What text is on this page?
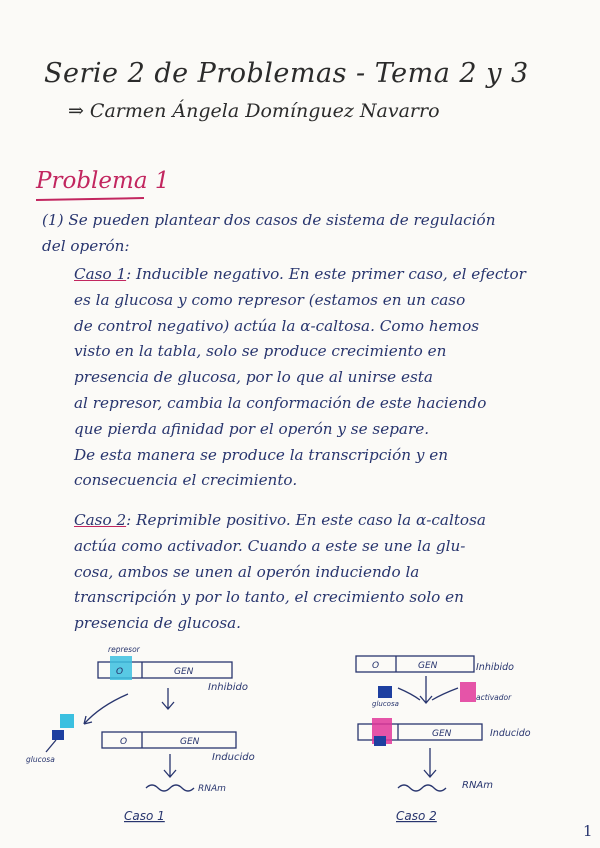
Serie 2 de Problemas - Tema 2 y 3
⇒ Carmen Ángela Domínguez Navarro
Problema 1
(1) Se pueden plantear dos casos de sistema de regulación
del operón:
Caso 1: Inducible negativo. En este primer caso, el efector
es la glucosa y como represor (estamos en un caso
de control negativo) actúa la α-caltosa. Como hemos
visto en la tabla, solo se produce crecimiento en
presencia de glucosa, por lo que al unirse esta
al represor, cambia la conformación de este haciendo
que pierda afinidad por el operón y se separe.
De esta manera se produce la transcripción y en
consecuencia el crecimiento.
Caso 2: Reprimible positivo. En este caso la α-caltosa
actúa como activador. Cuando a este se une la glu-
cosa, ambos se unen al operón induciendo la
transcripción y por lo tanto, el crecimiento solo en
presencia de glucosa.
represor
O	GEN
Inhibido
glucosa
O	GEN
Inducido
RNAm
Caso 1
O	GEN	Inhibido
glucosa
activador
GEN	Inducido
RNAm
Caso 2
1
